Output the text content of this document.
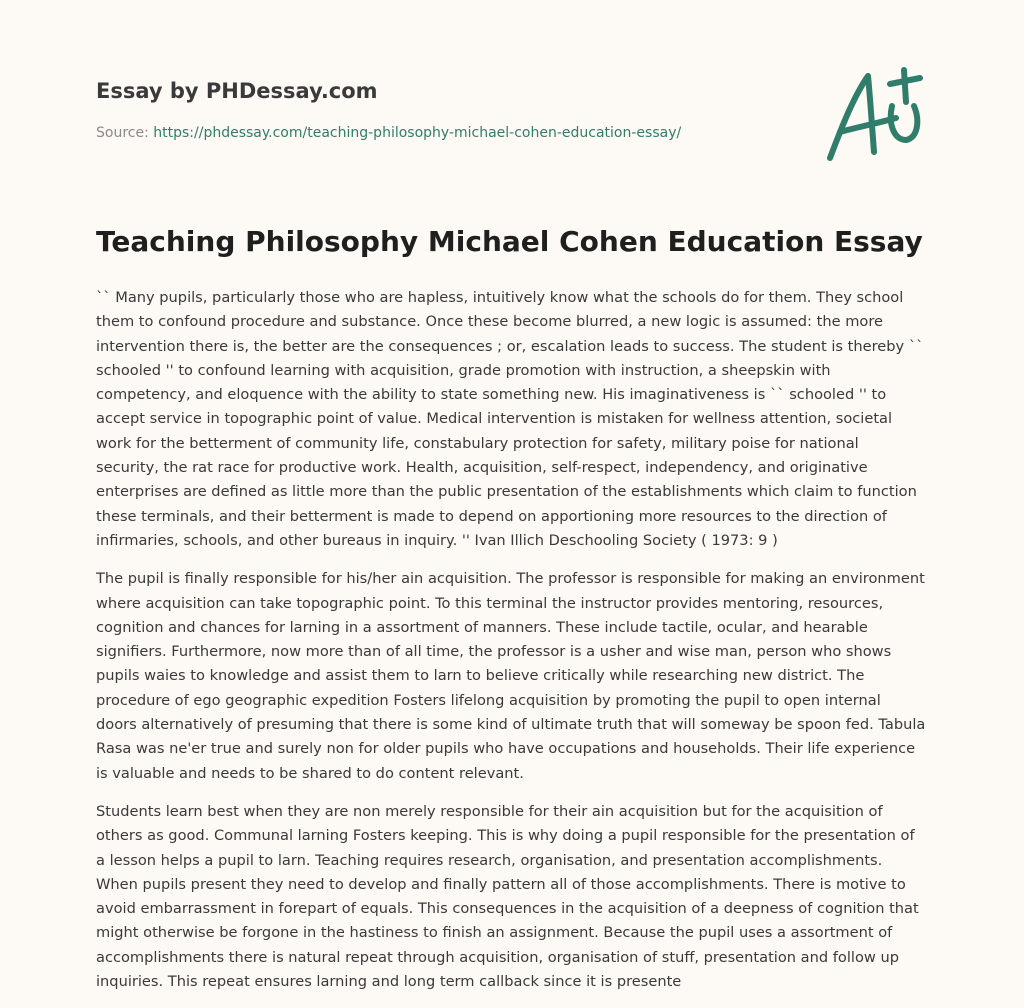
Essay by PHDessay.com
Source: https://phdessay.com/teaching-philosophy-michael-cohen-education-essay/
Teaching Philosophy Michael Cohen Education Essay

`` Many pupils, particularly those who are hapless, intuitively know what the schools do for them. They school them to confound procedure and substance. Once these become blurred, a new logic is assumed: the more intervention there is, the better are the consequences ; or, escalation leads to success. The student is thereby `` schooled '' to confound learning with acquisition, grade promotion with instruction, a sheepskin with competency, and eloquence with the ability to state something new. His imaginativeness is `` schooled '' to accept service in topographic point of value. Medical intervention is mistaken for wellness attention, societal work for the betterment of community life, constabulary protection for safety, military poise for national security, the rat race for productive work. Health, acquisition, self-respect, independency, and originative enterprises are defined as little more than the public presentation of the establishments which claim to function these terminals, and their betterment is made to depend on apportioning more resources to the direction of infirmaries, schools, and other bureaus in inquiry. '' Ivan Illich Deschooling Society ( 1973: 9 )

The pupil is finally responsible for his/her ain acquisition. The professor is responsible for making an environment where acquisition can take topographic point. To this terminal the instructor provides mentoring, resources, cognition and chances for larning in a assortment of manners. These include tactile, ocular, and hearable signifiers. Furthermore, now more than of all time, the professor is a usher and wise man, person who shows pupils waies to knowledge and assist them to larn to believe critically while researching new district. The procedure of ego geographic expedition Fosters lifelong acquisition by promoting the pupil to open internal doors alternatively of presuming that there is some kind of ultimate truth that will someway be spoon fed. Tabula Rasa was ne'er true and surely non for older pupils who have occupations and households. Their life experience is valuable and needs to be shared to do content relevant.

Students learn best when they are non merely responsible for their ain acquisition but for the acquisition of others as good. Communal larning Fosters keeping. This is why doing a pupil responsible for the presentation of a lesson helps a pupil to larn. Teaching requires research, organisation, and presentation accomplishments. When pupils present they need to develop and finally pattern all of those accomplishments. There is motive to avoid embarrassment in forepart of equals. This consequences in the acquisition of a deepness of cognition that might otherwise be forgone in the hastiness to finish an assignment. Because the pupil uses a assortment of accomplishments there is natural repeat through acquisition, organisation of stuff, presentation and follow up inquiries. This repeat ensures larning and long term callback since it is presente
